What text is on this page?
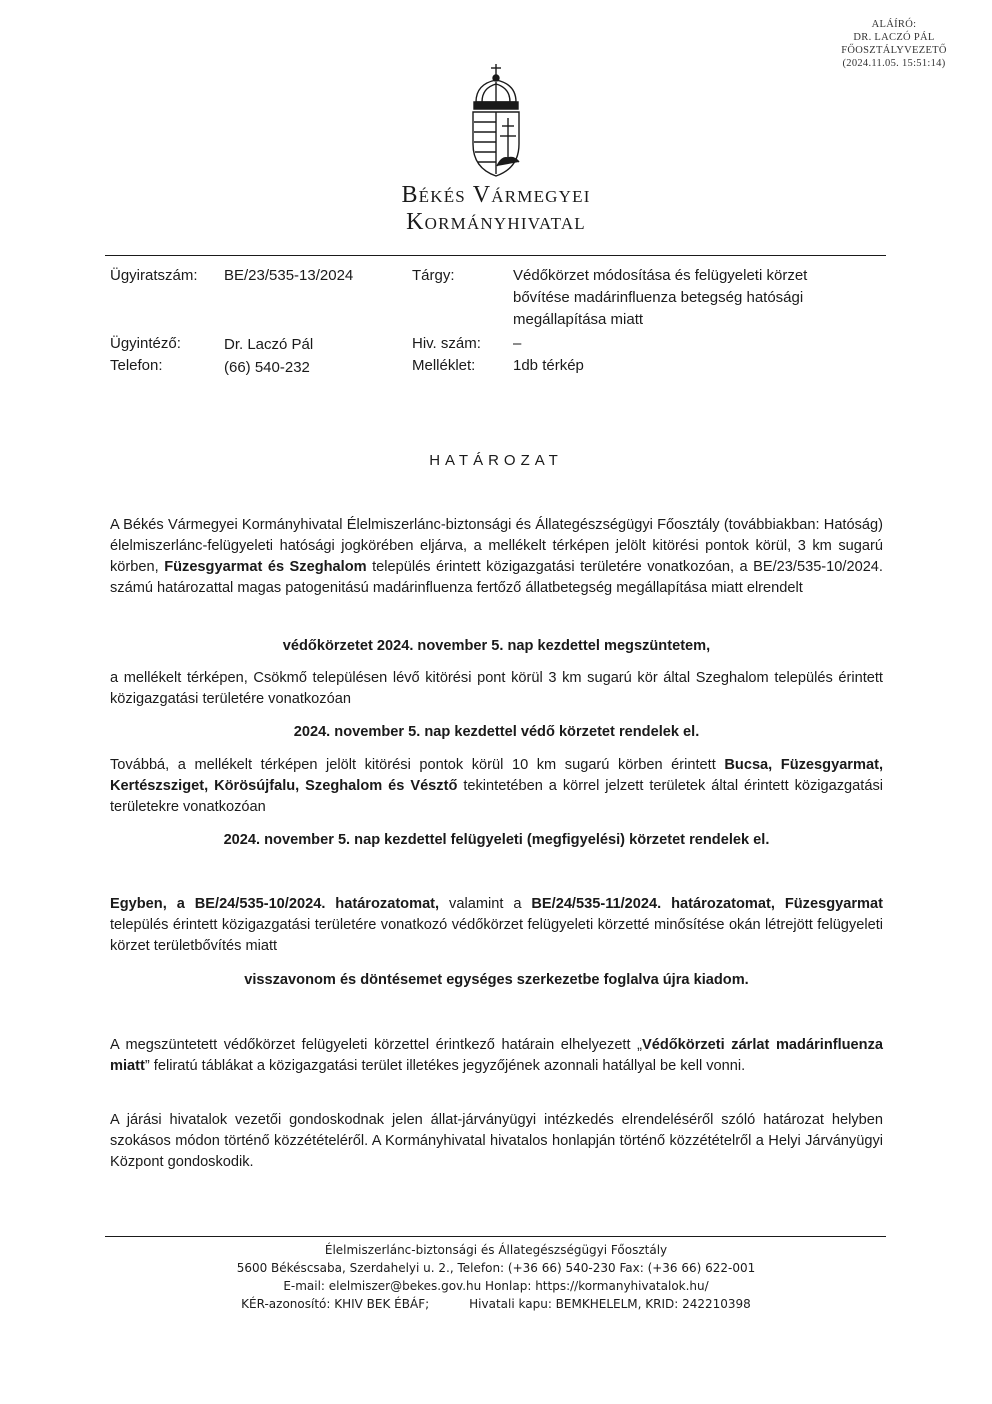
ALÁÍRÓ:
DR. LACZÓ PÁL
FŐOSZTÁLYVEZETŐ
(2024.11.05. 15:51:14)
Békés Vármegyei
Kormányhivatal
Ügyiratszám: BE/23/535-13/2024	Tárgy:	Védőkörzet módosítása és felügyeleti körzet bővítése madárinfluenza betegség hatósági megállapítása miatt
Ügyintéző:	Dr. Laczó Pál	Hiv. szám: –
Telefon:	(66) 540-232	Melléklet:	1db térkép
HATÁROZAT
A Békés Vármegyei Kormányhivatal Élelmiszerlánc-biztonsági és Állategészségügyi Főosztály (továbbiakban: Hatóság) élelmiszerlánc-felügyeleti hatósági jogkörében eljárva, a mellékelt térképen jelölt kitörési pontok körül, 3 km sugarú körben, Füzesgyarmat és Szeghalom település érintett közigazgatási területére vonatkozóan, a BE/23/535-10/2024. számú határozattal magas patogenitású madárinfluenza fertőző állatbetegség megállapítása miatt elrendelt
védőkörzetet 2024. november 5. nap kezdettel megszüntetem,
a mellékelt térképen, Csökmő településen lévő kitörési pont körül 3 km sugarú kör által Szeghalom település érintett közigazgatási területére vonatkozóan
2024. november 5. nap kezdettel védő körzetet rendelek el.
Továbbá, a mellékelt térképen jelölt kitörési pontok körül 10 km sugarú körben érintett Bucsa, Füzesgyarmat, Kertészsziget, Körösújfalu, Szeghalom és Vésztő tekintetében a körrel jelzett területek által érintett közigazgatási területekre vonatkozóan
2024. november 5. nap kezdettel felügyeleti (megfigyelési) körzetet rendelek el.
Egyben, a BE/24/535-10/2024. határozatomat, valamint a BE/24/535-11/2024. határozatomat, Füzesgyarmat település érintett közigazgatási területére vonatkozó védőkörzet felügyeleti körzetté minősítése okán létrejött felügyeleti körzet területbővítés miatt
visszavonom és döntésemet egységes szerkezetbe foglalva újra kiadom.
A megszüntetett védőkörzet felügyeleti körzettel érintkező határain elhelyezett „Védőkörzeti zárlat madárinfluenza miatt” feliratú táblákat a közigazgatási terület illetékes jegyzőjének azonnali hatállyal be kell vonni.
A járási hivatalok vezetői gondoskodnak jelen állat-járványügyi intézkedés elrendeléséről szóló határozat helyben szokásos módon történő közzétételéről. A Kormányhivatal hivatalos honlapján történő közzétételről a Helyi Járványügyi Központ gondoskodik.
Élelmiszerlánc-biztonsági és Állategészségügyi Főosztály
5600 Békéscsaba, Szerdahelyi u. 2., Telefon: (+36 66) 540-230 Fax: (+36 66) 622-001
E-mail: elelmiszer@bekes.gov.hu Honlap: https://kormanyhivatalok.hu/
KÉR-azonosító: KHIV BEK ÉBÁF;	Hivatali kapu: BEMKHELELM, KRID: 242210398
